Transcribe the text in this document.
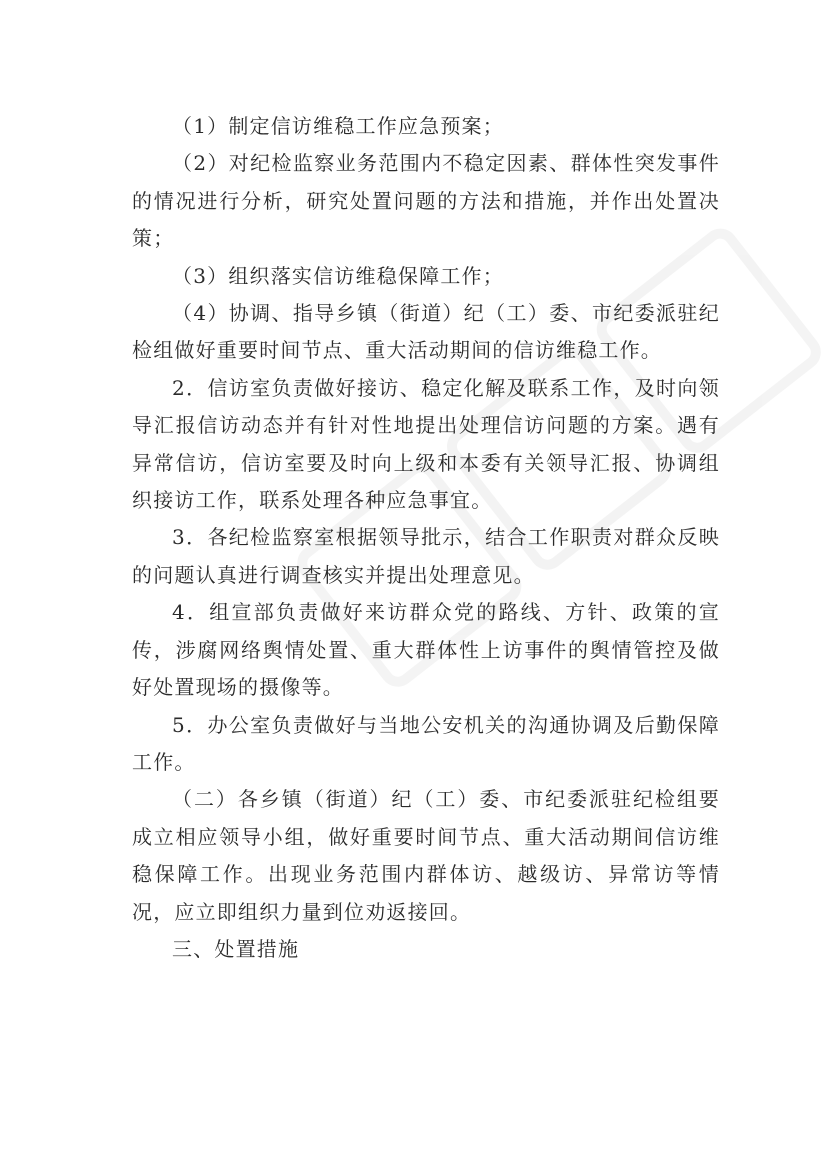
（1）制定信访维稳工作应急预案；

（2）对纪检监察业务范围内不稳定因素、群体性突发事件的情况进行分析，研究处置问题的方法和措施，并作出处置决策；

（3）组织落实信访维稳保障工作；

（4）协调、指导乡镇（街道）纪（工）委、市纪委派驻纪检组做好重要时间节点、重大活动期间的信访维稳工作。

2．信访室负责做好接访、稳定化解及联系工作，及时向领导汇报信访动态并有针对性地提出处理信访问题的方案。遇有异常信访，信访室要及时向上级和本委有关领导汇报、协调组织接访工作，联系处理各种应急事宜。

3．各纪检监察室根据领导批示，结合工作职责对群众反映的问题认真进行调查核实并提出处理意见。

4．组宣部负责做好来访群众党的路线、方针、政策的宣传，涉腐网络舆情处置、重大群体性上访事件的舆情管控及做好处置现场的摄像等。

5．办公室负责做好与当地公安机关的沟通协调及后勤保障工作。

（二）各乡镇（街道）纪（工）委、市纪委派驻纪检组要成立相应领导小组，做好重要时间节点、重大活动期间信访维稳保障工作。出现业务范围内群体访、越级访、异常访等情况，应立即组织力量到位劝返接回。

三、处置措施
